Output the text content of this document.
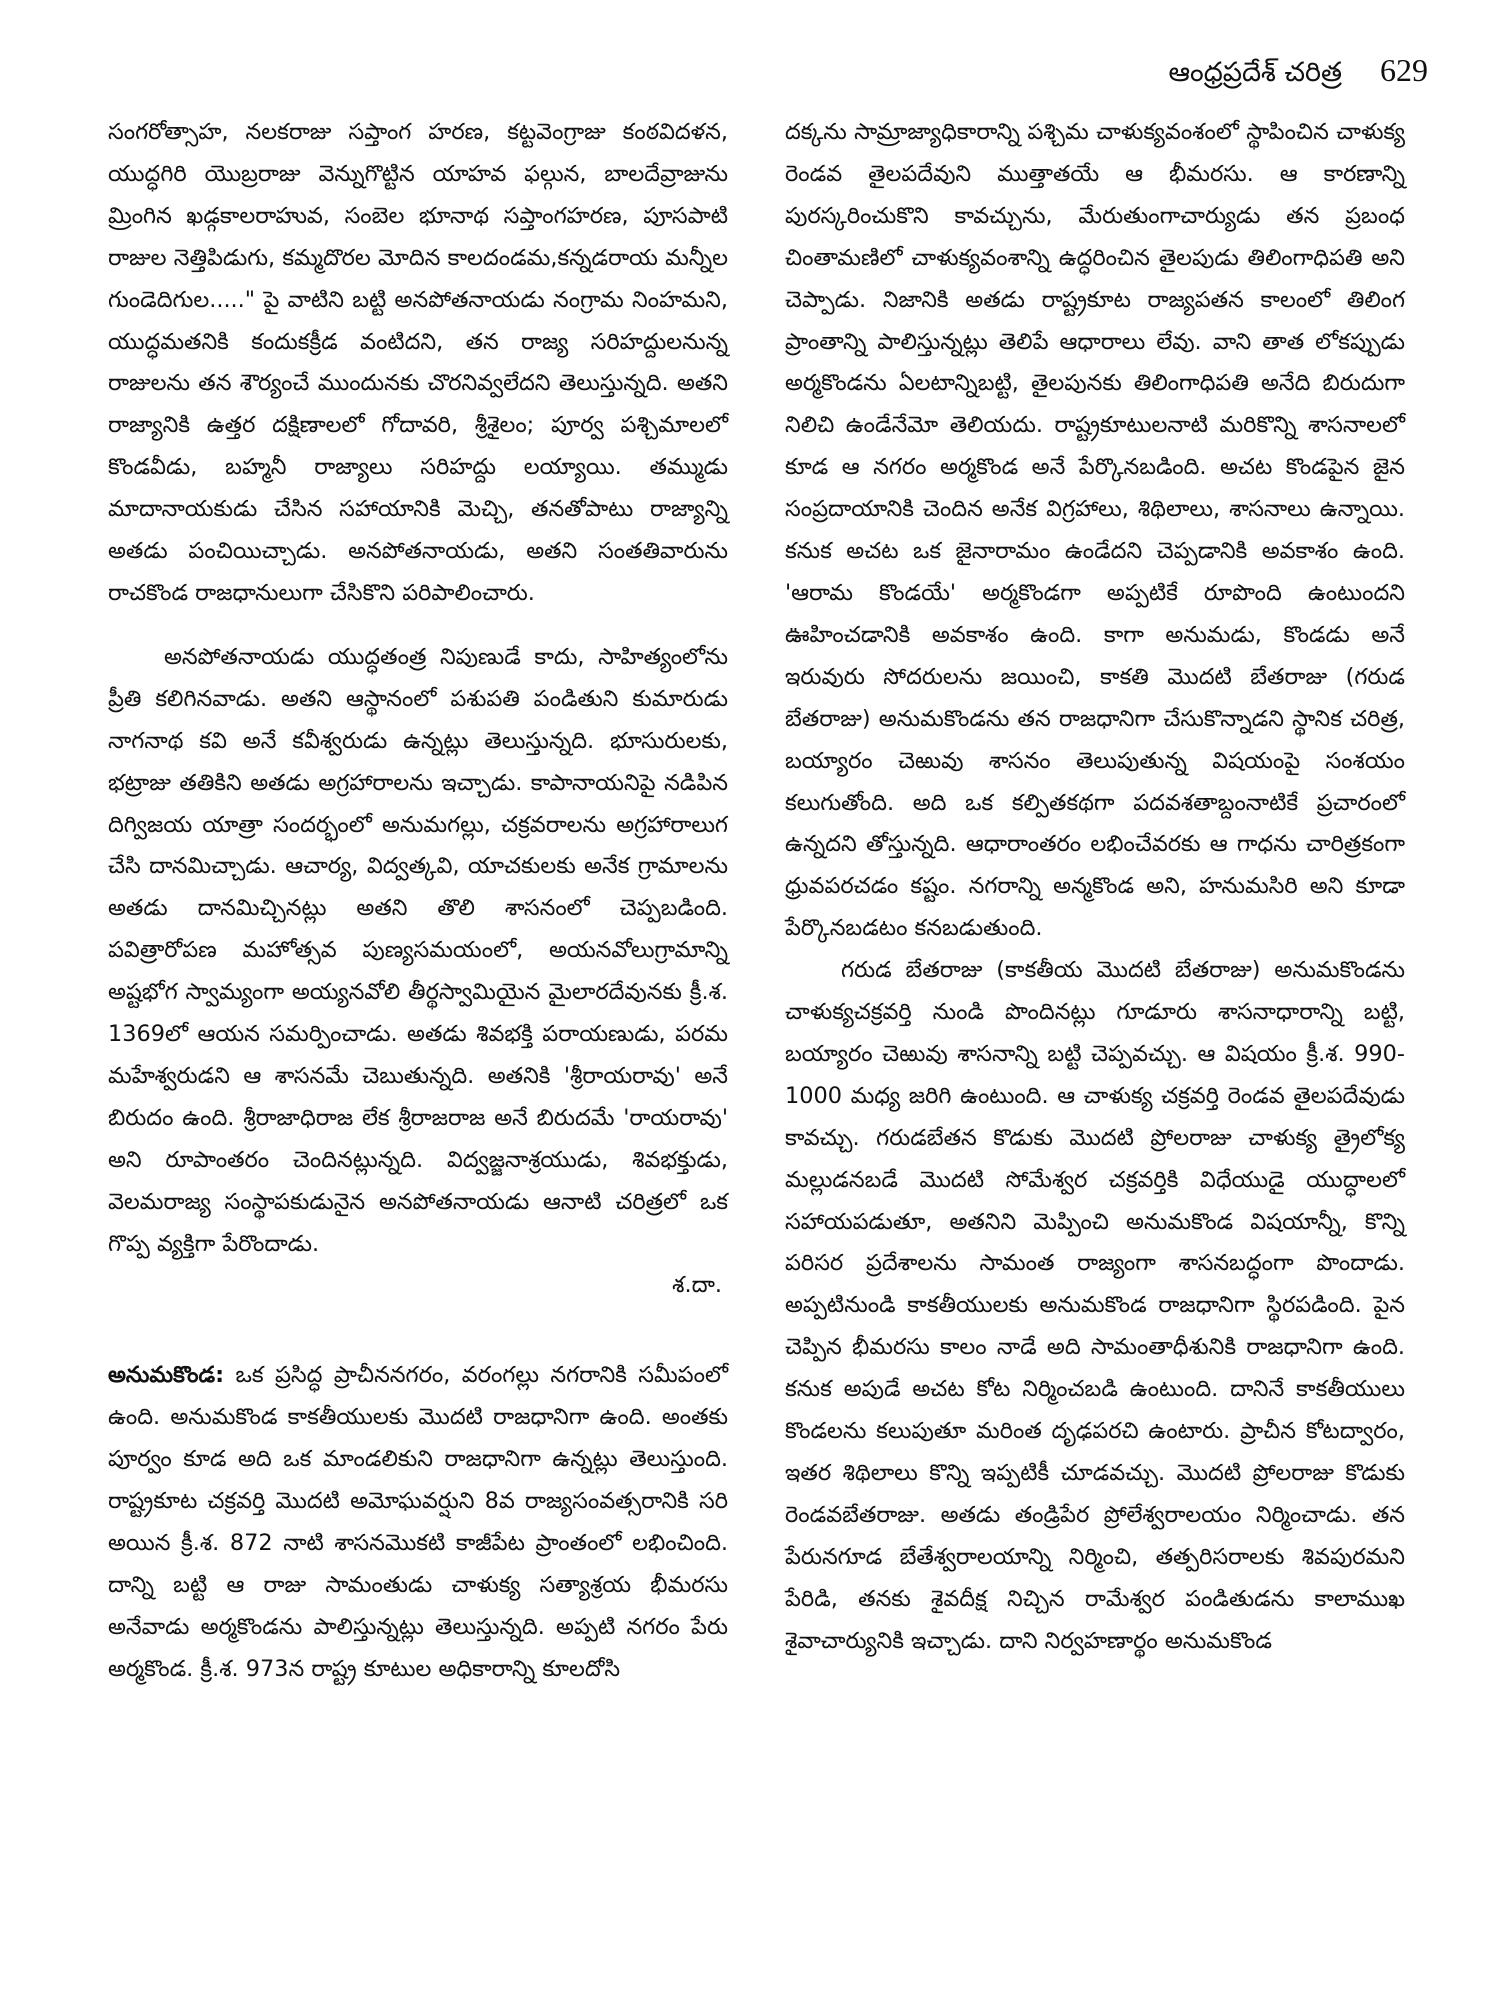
ఆంధ్రప్రదేశ్ చరిత్ర 629

సంగరోత్సాహ, నలకరాజు సప్తాంగ హరణ, కట్టవెంగ్రాజు కంఠవిదళన, యుద్ధగిరి యొబ్రరాజు వెన్నుగొట్టిన యాహవ ఫల్గున, బాలదేవ్రాజును మ్రింగిన ఖడ్గకాలరాహువ, సంబెల భూనాథ సప్తాంగహరణ, పూసపాటి రాజుల నెత్తిపిడుగు, కమ్మదొరల మోదిన కాలదండమ,కన్నడరాయ మన్నీల గుండెదిగుల....." పై వాటిని బట్టి అనపోతనాయడు నంగ్రామ నింహమని, యుద్ధమతనికి కందుకక్రీడ వంటిదని, తన రాజ్య సరిహద్దులనున్న రాజులను తన శౌర్యంచే ముందునకు చొరనివ్వలేదని తెలుస్తున్నది. అతని రాజ్యానికి ఉత్తర దక్షిణాలలో గోదావరి, శ్రీశైలం; పూర్వ పశ్చిమాలలో కొండవీడు, బహ్మనీ రాజ్యాలు సరిహద్దు లయ్యాయి. తమ్ముడు మాదానాయకుడు చేసిన సహాయానికి మెచ్చి, తనతోపాటు రాజ్యాన్ని అతడు పంచియిచ్చాడు. అనపోతనాయడు, అతని సంతతివారును రాచకొండ రాజధానులుగా చేసికొని పరిపాలించారు.

అనపోతనాయడు యుద్ధతంత్ర నిపుణుడే కాదు, సాహిత్యంలోను ప్రీతి కలిగినవాడు. అతని ఆస్థానంలో పశుపతి పండితుని కుమారుడు నాగనాథ కవి అనే కవీశ్వరుడు ఉన్నట్లు తెలుస్తున్నది. భూసురులకు, భట్రాజు తతికిని అతడు అగ్రహారాలను ఇచ్చాడు. కాపానాయనిపై నడిపిన దిగ్విజయ యాత్రా సందర్భంలో అనుమగల్లు, చక్రవరాలను అగ్రహారాలుగ చేసి దానమిచ్చాడు. ఆచార్య, విద్వత్కవి, యాచకులకు అనేక గ్రామాలను అతడు దానమిచ్చినట్లు అతని తొలి శాసనంలో చెప్పబడింది. పవిత్రారోపణ మహోత్సవ పుణ్యసమయంలో, అయనవోలుగ్రామాన్ని అష్టభోగ స్వామ్యంగా అయ్యనవోలి తీర్థస్వామియైన మైలారదేవునకు క్రీ.శ. 1369లో ఆయన సమర్పించాడు. అతడు శివభక్తి పరాయణుడు, పరమ మహేశ్వరుడని ఆ శాసనమే చెబుతున్నది. అతనికి 'శ్రీరాయరావు' అనే బిరుదం ఉంది. శ్రీరాజాధిరాజ లేక శ్రీరాజరాజ అనే బిరుదమే 'రాయరావు' అని రూపాంతరం చెందినట్లున్నది. విద్వజ్జనాశ్రయుడు, శివభక్తుడు, వెలమరాజ్య సంస్థాపకుడునైన అనపోతనాయడు ఆనాటి చరిత్రలో ఒక గొప్ప వ్యక్తిగా పేరొందాడు.

శ.దా.

అనుమకొండ: ఒక ప్రసిద్ధ ప్రాచీననగరం, వరంగల్లు నగరానికి సమీపంలో ఉంది. అనుమకొండ కాకతీయులకు మొదటి రాజధానిగా ఉంది. అంతకు పూర్వం కూడ అది ఒక మాండలికుని రాజధానిగా ఉన్నట్లు తెలుస్తుంది. రాష్ట్రకూట చక్రవర్తి మొదటి అమోఘవర్షుని 8వ రాజ్యసంవత్సరానికి సరి అయిన క్రీ.శ. 872 నాటి శాసనమొకటి కాజీపేట ప్రాంతంలో లభించింది. దాన్ని బట్టి ఆ రాజు సామంతుడు చాళుక్య సత్యాశ్రయ భీమరసు అనేవాడు అర్మకొండను పాలిస్తున్నట్లు తెలుస్తున్నది. అప్పటి నగరం పేరు అర్మకొండ. క్రీ.శ. 973న రాష్ట్ర కూటుల అధికారాన్ని కూలదోసి

దక్కను సామ్రాజ్యాధికారాన్ని పశ్చిమ చాళుక్యవంశంలో స్థాపించిన చాళుక్య రెండవ తైలపదేవుని ముత్తాతయే ఆ భీమరసు. ఆ కారణాన్ని పురస్కరించుకొని కావచ్చును, మేరుతుంగాచార్యుడు తన ప్రబంధ చింతామణిలో చాళుక్యవంశాన్ని ఉద్ధరించిన తైలపుడు తిలింగాధిపతి అని చెప్పాడు. నిజానికి అతడు రాష్ట్రకూట రాజ్యపతన కాలంలో తిలింగ ప్రాంతాన్ని పాలిస్తున్నట్లు తెలిపే ఆధారాలు లేవు. వాని తాత లోకప్పుడు అర్మకొండను ఏలటాన్నిబట్టి, తైలపునకు తిలింగాధిపతి అనేది బిరుదుగా నిలిచి ఉండేనేమో తెలియదు. రాష్ట్రకూటులనాటి మరికొన్ని శాసనాలలో కూడ ఆ నగరం అర్మకొండ అనే పేర్కొనబడింది. అచట కొండపైన జైన సంప్రదాయానికి చెందిన అనేక విగ్రహాలు, శిథిలాలు, శాసనాలు ఉన్నాయి. కనుక అచట ఒక జైనారామం ఉండేదని చెప్పడానికి అవకాశం ఉంది. 'ఆరామ కొండయే' అర్మకొండగా అప్పటికే రూపొంది ఉంటుందని ఊహించడానికి అవకాశం ఉంది. కాగా అనుమడు, కొండడు అనే ఇరువురు సోదరులను జయించి, కాకతి మొదటి బేతరాజు (గరుడ బేతరాజు) అనుమకొండను తన రాజధానిగా చేసుకొన్నాడని స్థానిక చరిత్ర, బయ్యారం చెఱువు శాసనం తెలుపుతున్న విషయంపై సంశయం కలుగుతోంది. అది ఒక కల్పితకథగా పదవశతాబ్దంనాటికే ప్రచారంలో ఉన్నదని తోస్తున్నది. ఆధారాంతరం లభించేవరకు ఆ గాధను చారిత్రకంగా ధ్రువపరచడం కష్టం. నగరాన్ని అన్మకొండ అని, హనుమసిరి అని కూడా పేర్కొనబడటం కనబడుతుంది.

గరుడ బేతరాజు (కాకతీయ మొదటి బేతరాజు) అనుమకొండను చాళుక్యచక్రవర్తి నుండి పొందినట్లు గూడూరు శాసనాధారాన్ని బట్టి, బయ్యారం చెఱువు శాసనాన్ని బట్టి చెప్పవచ్చు. ఆ విషయం క్రీ.శ. 990-1000 మధ్య జరిగి ఉంటుంది. ఆ చాళుక్య చక్రవర్తి రెండవ తైలపదేవుడు కావచ్చు. గరుడబేతన కొడుకు మొదటి ప్రోలరాజు చాళుక్య త్రైలోక్య మల్లుడనబడే మొదటి సోమేశ్వర చక్రవర్తికి విధేయుడై యుద్ధాలలో సహాయపడుతూ, అతనిని మెప్పించి అనుమకొండ విషయాన్నీ, కొన్ని పరిసర ప్రదేశాలను సామంత రాజ్యంగా శాసనబద్ధంగా పొందాడు. అప్పటినుండి కాకతీయులకు అనుమకొండ రాజధానిగా స్థిరపడింది. పైన చెప్పిన భీమరసు కాలం నాడే అది సామంతాధీశునికి రాజధానిగా ఉంది. కనుక అపుడే అచట కోట నిర్మించబడి ఉంటుంది. దానినే కాకతీయులు కొండలను కలుపుతూ మరింత దృఢపరచి ఉంటారు. ప్రాచీన కోటద్వారం, ఇతర శిథిలాలు కొన్ని ఇప్పటికీ చూడవచ్చు. మొదటి ప్రోలరాజు కొడుకు రెండవబేతరాజు. అతడు తండ్రిపేర ప్రోలేశ్వరాలయం నిర్మించాడు. తన పేరునగూడ బేతేశ్వరాలయాన్ని నిర్మించి, తత్పరిసరాలకు శివపురమని పేరిడి, తనకు శైవదీక్ష నిచ్చిన రామేశ్వర పండితుడను కాలాముఖ శైవాచార్యునికి ఇచ్చాడు. దాని నిర్వహణార్థం అనుమకొండ
